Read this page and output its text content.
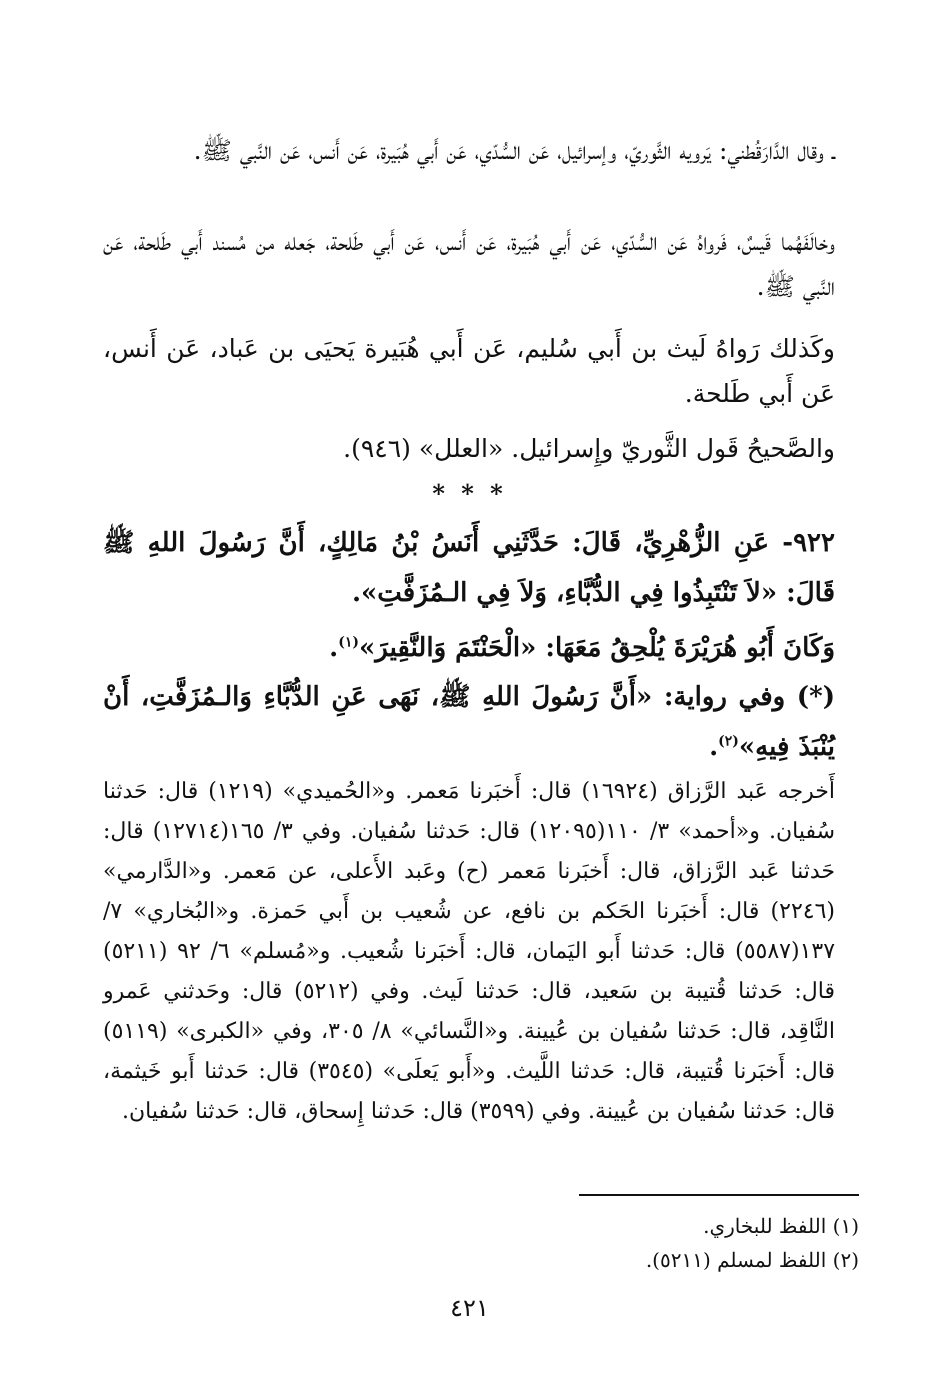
ـ وقال الدَّارَقُطني: يَرويه الثَّوريّ، وإسرائيل، عَن السُّدّي، عَن أَبي هُبَيرة، عَن أَنس، عَن النَّبي ﷺ.

وخالَفَهُما قَيسٌ، فَرواهُ عَن السُّدّي، عَن أَبي هُبَيرة، عَن أَنس، عَن أَبي طَلحة، جَعله من مُسند أَبي طَلحة، عَن النَّبي ﷺ.

وكَذلك رَواهُ لَيث بن أَبي سُليم، عَن أَبي هُبَيرة يَحيَى بن عَباد، عَن أَنس، عَن أَبي طَلحة.

والصَّحيحُ قَول الثَّوريّ وإِسرائيل. «العلل» (٩٤٦).

* * *

٩٢٢- عَنِ الزُّهْرِيِّ، قَالَ: حَدَّثَنِي أَنَسُ بْنُ مَالِكٍ، أَنَّ رَسُولَ اللهِ ﷺ قَالَ: «لاَ تَنْتَبِذُوا فِي الدُّبَّاءِ، وَلاَ فِي الـمُزَفَّتِ».

وَكَانَ أَبُو هُرَيْرَةَ يُلْحِقُ مَعَهَا: «الْحَنْتَمَ وَالنَّقِيرَ»$^{(١)}$.

(*) وفي رواية: «أَنَّ رَسُولَ اللهِ ﷺ، نَهَى عَنِ الدُّبَّاءِ وَالـمُزَفَّتِ، أَنْ يُنْبَذَ فِيهِ»$^{(٢)}$.

أَخرجه عَبد الرَّزاق (١٦٩٢٤) قال: أَخبَرنا مَعمر. و«الحُميدي» (١٢١٩) قال: حَدثنا سُفيان. و«أحمد» ٣/ ١١٠(١٢٠٩٥) قال: حَدثنا سُفيان. وفي ٣/ ١٦٥(١٢٧١٤) قال: حَدثنا عَبد الرَّزاق، قال: أَخبَرنا مَعمر (ح) وعَبد الأَعلى، عن مَعمر. و«الدَّارمي» (٢٢٤٦) قال: أَخبَرنا الحَكم بن نافع، عن شُعيب بن أَبي حَمزة. و«البُخاري» ٧/ ١٣٧(٥٥٨٧) قال: حَدثنا أَبو اليَمان، قال: أَخبَرنا شُعيب. و«مُسلم» ٦/ ٩٢ (٥٢١١) قال: حَدثنا قُتيبة بن سَعيد، قال: حَدثنا لَيث. وفي (٥٢١٢) قال: وحَدثني عَمرو النَّاقِد، قال: حَدثنا سُفيان بن عُيينة. و«النَّسائي» ٨/ ٣٠٥، وفي «الكبرى» (٥١١٩) قال: أَخبَرنا قُتيبة، قال: حَدثنا اللَّيث. و«أَبو يَعلَى» (٣٥٤٥) قال: حَدثنا أَبو خَيثمة، قال: حَدثنا سُفيان بن عُيينة. وفي (٣٥٩٩) قال: حَدثنا إِسحاق، قال: حَدثنا سُفيان.

(١) اللفظ للبخاري.

(٢) اللفظ لمسلم (٥٢١١).

٤٢١
